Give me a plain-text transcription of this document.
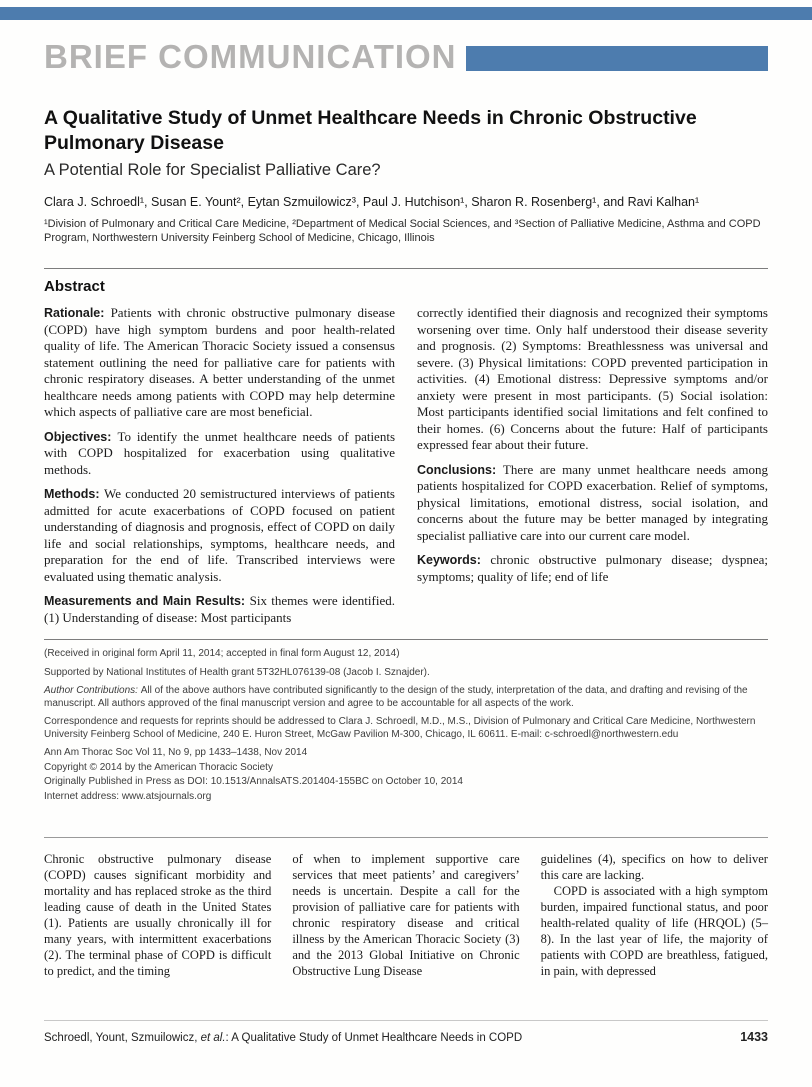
BRIEF COMMUNICATION
A Qualitative Study of Unmet Healthcare Needs in Chronic Obstructive Pulmonary Disease
A Potential Role for Specialist Palliative Care?
Clara J. Schroedl¹, Susan E. Yount², Eytan Szmuilowicz³, Paul J. Hutchison¹, Sharon R. Rosenberg¹, and Ravi Kalhan¹
¹Division of Pulmonary and Critical Care Medicine, ²Department of Medical Social Sciences, and ³Section of Palliative Medicine, Asthma and COPD Program, Northwestern University Feinberg School of Medicine, Chicago, Illinois
Abstract

Rationale: Patients with chronic obstructive pulmonary disease (COPD) have high symptom burdens and poor health-related quality of life. The American Thoracic Society issued a consensus statement outlining the need for palliative care for patients with chronic respiratory diseases. A better understanding of the unmet healthcare needs among patients with COPD may help determine which aspects of palliative care are most beneficial.

Objectives: To identify the unmet healthcare needs of patients with COPD hospitalized for exacerbation using qualitative methods.

Methods: We conducted 20 semistructured interviews of patients admitted for acute exacerbations of COPD focused on patient understanding of diagnosis and prognosis, effect of COPD on daily life and social relationships, symptoms, healthcare needs, and preparation for the end of life. Transcribed interviews were evaluated using thematic analysis.

Measurements and Main Results: Six themes were identified. (1) Understanding of disease: Most participants

correctly identified their diagnosis and recognized their symptoms worsening over time. Only half understood their disease severity and prognosis. (2) Symptoms: Breathlessness was universal and severe. (3) Physical limitations: COPD prevented participation in activities. (4) Emotional distress: Depressive symptoms and/or anxiety were present in most participants. (5) Social isolation: Most participants identified social limitations and felt confined to their homes. (6) Concerns about the future: Half of participants expressed fear about their future.

Conclusions: There are many unmet healthcare needs among patients hospitalized for COPD exacerbation. Relief of symptoms, physical limitations, emotional distress, social isolation, and concerns about the future may be better managed by integrating specialist palliative care into our current care model.

Keywords: chronic obstructive pulmonary disease; dyspnea; symptoms; quality of life; end of life

(Received in original form April 11, 2014; accepted in final form August 12, 2014)

Supported by National Institutes of Health grant 5T32HL076139-08 (Jacob I. Sznajder).

Author Contributions: All of the above authors have contributed significantly to the design of the study, interpretation of the data, and drafting and revising of the manuscript. All authors approved of the final manuscript version and agree to be accountable for all aspects of the work.

Correspondence and requests for reprints should be addressed to Clara J. Schroedl, M.D., M.S., Division of Pulmonary and Critical Care Medicine, Northwestern University Feinberg School of Medicine, 240 E. Huron Street, McGaw Pavilion M-300, Chicago, IL 60611. E-mail: c-schroedl@northwestern.edu

Ann Am Thorac Soc Vol 11, No 9, pp 1433–1438, Nov 2014

Copyright © 2014 by the American Thoracic Society

Originally Published in Press as DOI: 10.1513/AnnalsATS.201404-155BC on October 10, 2014

Internet address: www.atsjournals.org

Chronic obstructive pulmonary disease (COPD) causes significant morbidity and mortality and has replaced stroke as the third leading cause of death in the United States (1). Patients are usually chronically ill for many years, with intermittent exacerbations (2). The terminal phase of COPD is difficult to predict, and the timing

of when to implement supportive care services that meet patients’ and caregivers’ needs is uncertain. Despite a call for the provision of palliative care for patients with chronic respiratory disease and critical illness by the American Thoracic Society (3) and the 2013 Global Initiative on Chronic Obstructive Lung Disease

guidelines (4), specifics on how to deliver this care are lacking.

COPD is associated with a high symptom burden, impaired functional status, and poor health-related quality of life (HRQOL) (5–8). In the last year of life, the majority of patients with COPD are breathless, fatigued, in pain, with depressed

Schroedl, Yount, Szmuilowicz, et al.: A Qualitative Study of Unmet Healthcare Needs in COPD	1433
